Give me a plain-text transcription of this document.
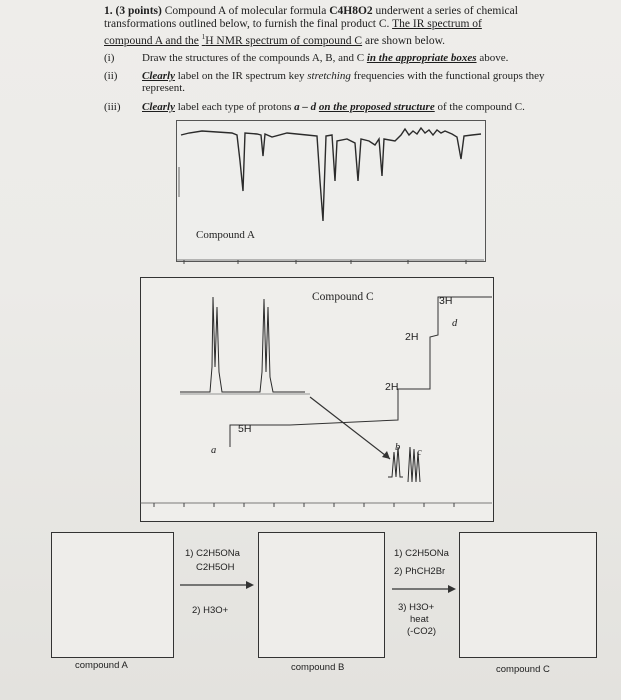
1. (3 points) Compound A of molecular formula C4H8O2 underwent a series of chemical
transformations outlined below, to furnish the final product C. The IR spectrum of
compound A and the $^1$H NMR spectrum of compound C are shown below.
(i)	Draw the structures of the compounds A, B, and C in the appropriate boxes above.
(ii)	Clearly label on the IR spectrum key stretching frequencies with the functional groups they represent.
(iii)	Clearly label each type of protons a – d on the proposed structure of the compound C.
Compound A
Compound C
5H
2H
2H
3H
a	b c
d
1) C2H5ONa
C2H5OH
2) H3O+
1) C2H5ONa
2) PhCH2Br
3) H3O+
heat
(-CO2)
compound A	compound B	compound C
